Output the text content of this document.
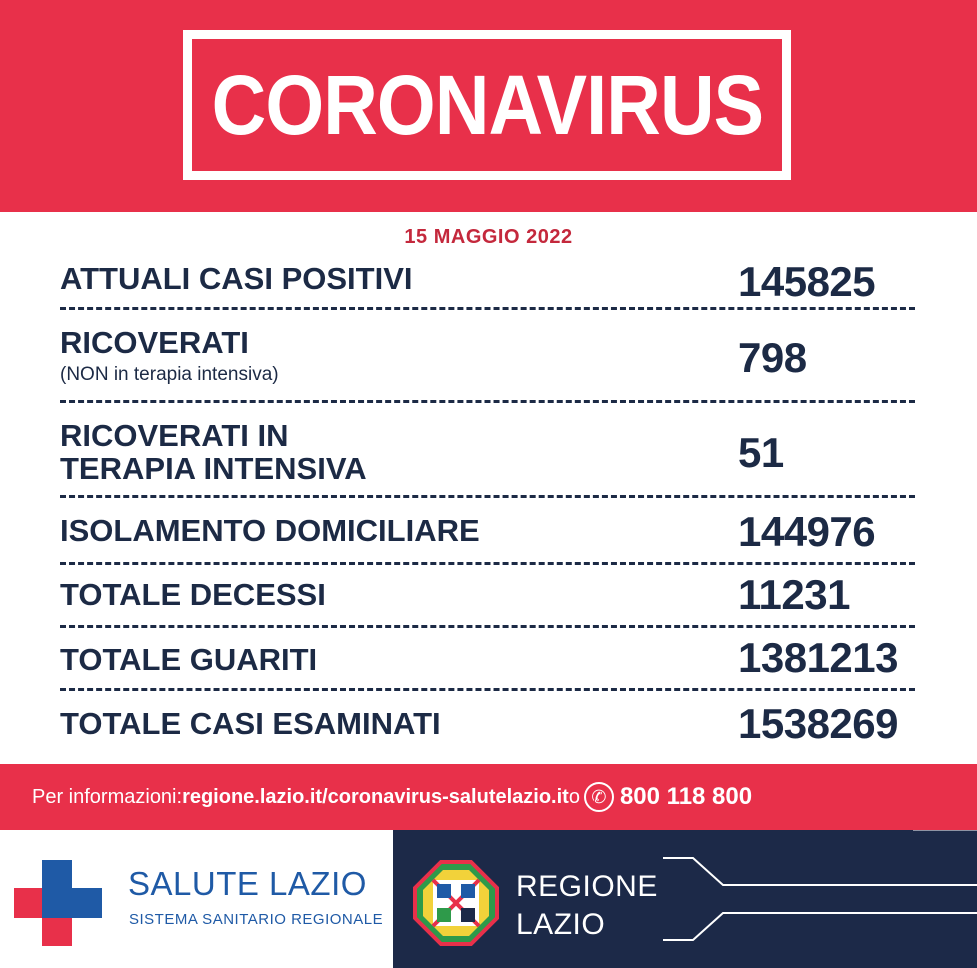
CORONAVIRUS
15 MAGGIO 2022
ATTUALI CASI POSITIVI	145825
RICOVERATI
(NON in terapia intensiva)	798
RICOVERATI IN
TERAPIA INTENSIVA	51
ISOLAMENTO DOMICILIARE	144976
TOTALE DECESSI	11231
TOTALE GUARITI	1381213
TOTALE CASI ESAMINATI	1538269
Per informazioni: regione.lazio.it/coronavirus - salutelazio.it o ✆ 800 118 800
SALUTE LAZIO
SISTEMA SANITARIO REGIONALE
REGIONE
LAZIO
